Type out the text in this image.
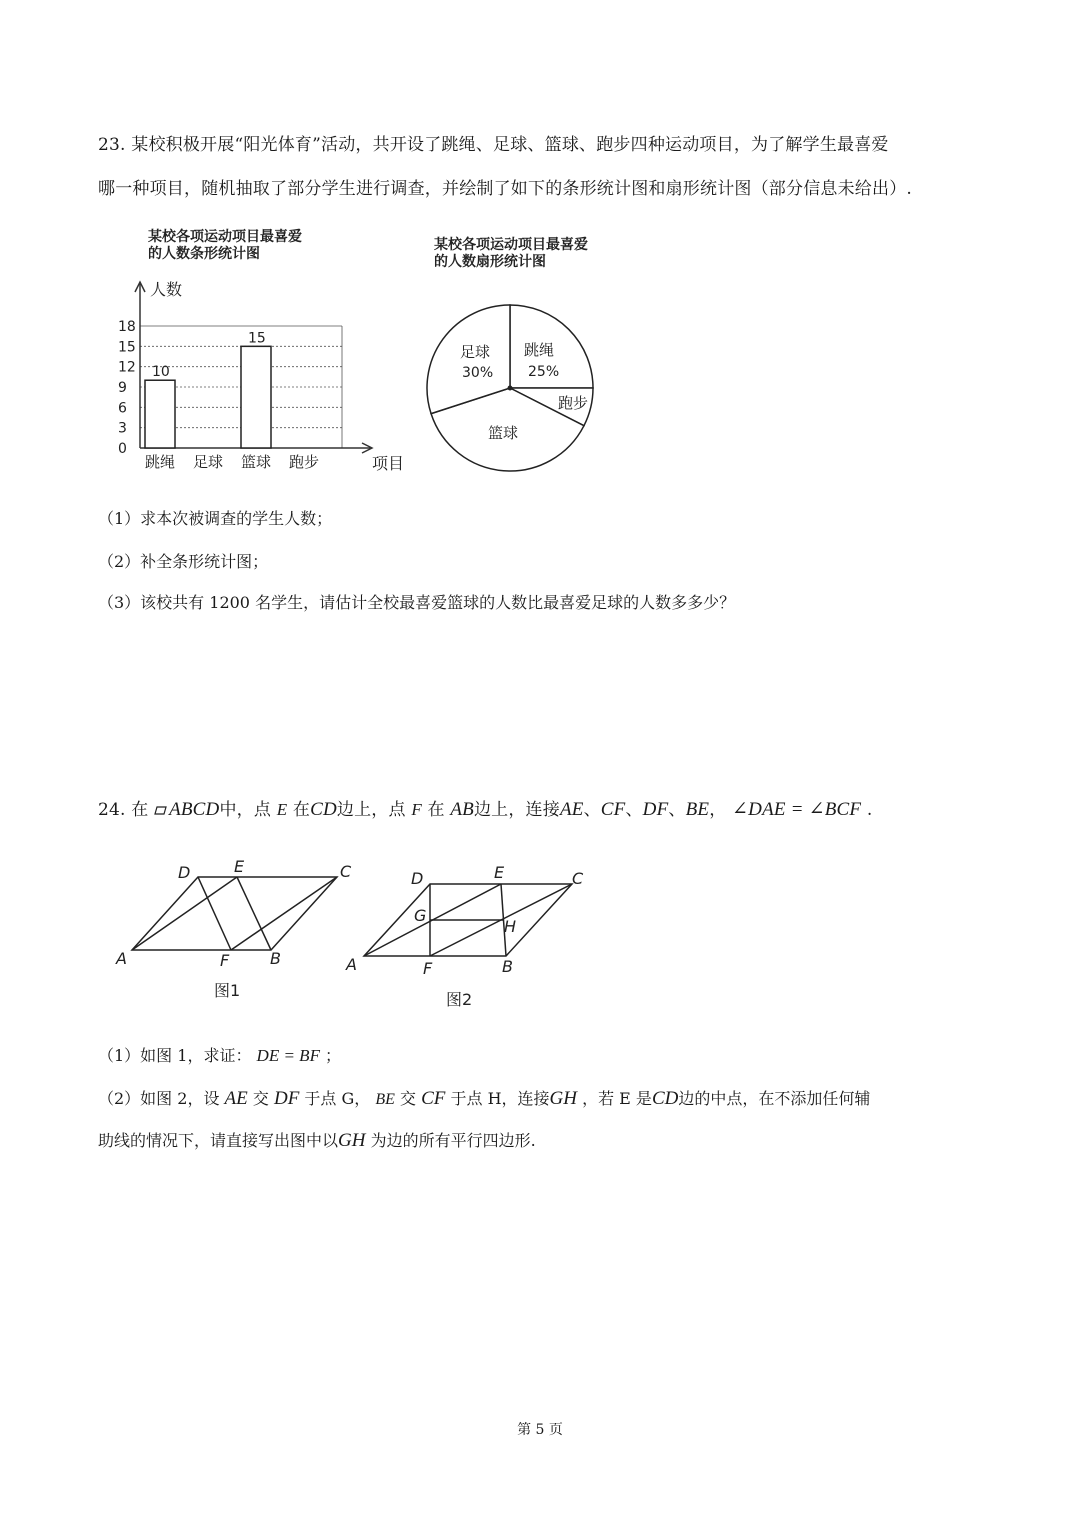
23. 某校积极开展“阳光体育”活动，共开设了跳绳、足球、篮球、跑步四种运动项目，为了解学生最喜爱
哪一种项目，随机抽取了部分学生进行调查，并绘制了如下的条形统计图和扇形统计图（部分信息未给出）.
某校各项运动项目最喜爱
的人数条形统计图
人数
项目
0
3
6
9
12
15
18
10
15
跳绳 足球 篮球 跑步
某校各项运动项目最喜爱
的人数扇形统计图
跳绳
25%
跑步
篮球
足球
30%
（1）求本次被调查的学生人数；
（2）补全条形统计图；
（3）该校共有 1200 名学生，请估计全校最喜爱篮球的人数比最喜爱足球的人数多多少？
24.
在
ABCD 中，点
E
在 CD 边上，点
F
在
AB 边上，连接 AE 、 CF 、 DF 、 BE ，
∠DAE = ∠BCF
.
A	B
C
D	E
F
图1
A	B
C
D	E
F
G
H
图2
（1）如图 1，求证：
DE = BF
；
（2）如图 2，设
AE
交
DF
于点 G，
BE
交
CF
于点 H，连接 GH
，若 E 是 CD 边的中点，在不添加任何辅
助线的情况下，请直接写出图中以 GH
为边的所有平行四边形.
第 5 页
